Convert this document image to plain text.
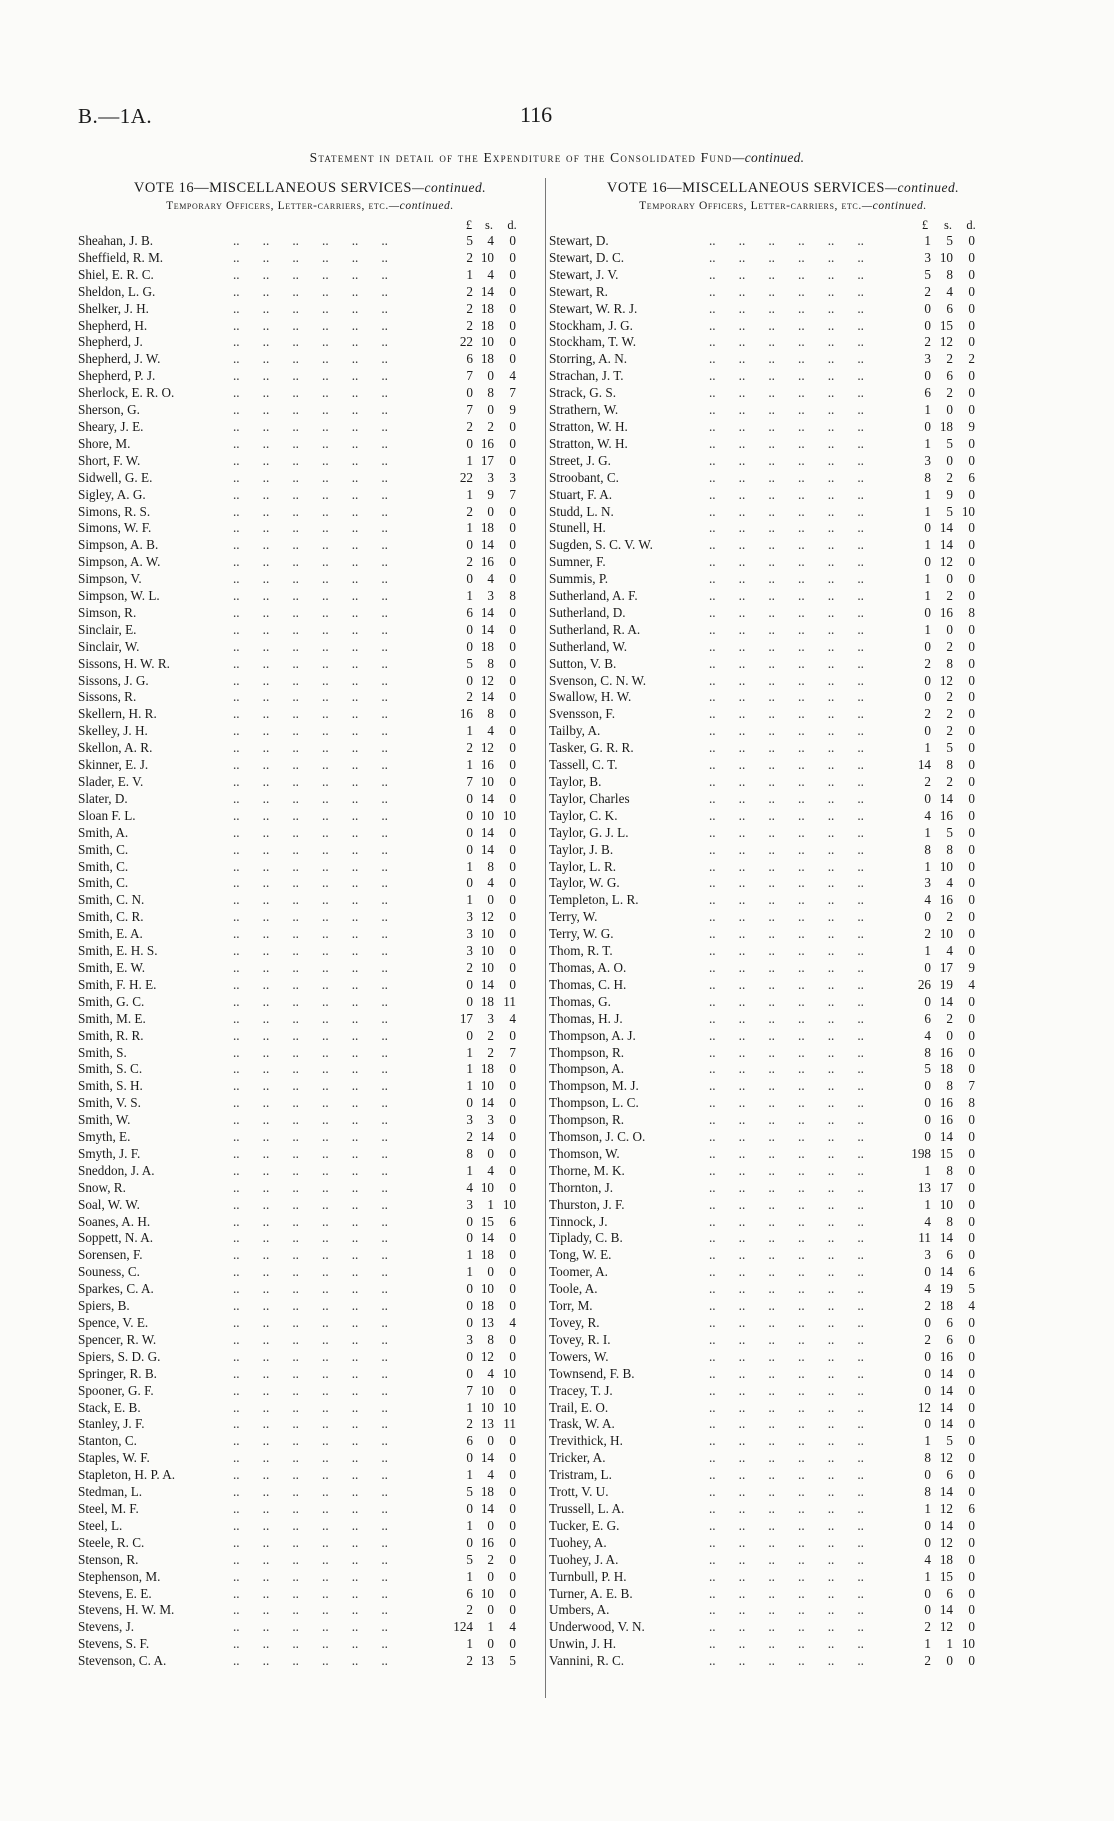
B.—1A.	116
Statement in detail of the Expenditure of the Consolidated Fund—continued.
VOTE 16—MISCELLANEOUS SERVICES—continued.
Temporary Officers, Letter-carriers, etc.—continued.
£	s.	d.
Sheahan, J. B.	..       ..       ..       ..       ..       ..	5	4	0
Sheffield, R. M.	..       ..       ..       ..       ..       ..	2 10	0
Shiel, E. R. C.	..       ..       ..       ..       ..       ..	1	4	0
Sheldon, L. G.	..       ..       ..       ..       ..       ..	2 14	0
Shelker, J. H.	..       ..       ..       ..       ..       ..	2 18	0
Shepherd, H.	..       ..       ..       ..       ..       ..	2 18	0
Shepherd, J.	..       ..       ..       ..       ..       ..	22 10	0
Shepherd, J. W.	..       ..       ..       ..       ..       ..	6 18	0
Shepherd, P. J.	..       ..       ..       ..       ..       ..	7	0	4
Sherlock, E. R. O.	..       ..       ..       ..       ..       ..	0	8	7
Sherson, G.	..       ..       ..       ..       ..       ..	7	0	9
Sheary, J. E.	..       ..       ..       ..       ..       ..	2	2	0
Shore, M.	..       ..       ..       ..       ..       ..	0 16	0
Short, F. W.	..       ..       ..       ..       ..       ..	1 17	0
Sidwell, G. E.	..       ..       ..       ..       ..       ..	22	3	3
Sigley, A. G.	..       ..       ..       ..       ..       ..	1	9	7
Simons, R. S.	..       ..       ..       ..       ..       ..	2	0	0
Simons, W. F.	..       ..       ..       ..       ..       ..	1 18	0
Simpson, A. B.	..       ..       ..       ..       ..       ..	0 14	0
Simpson, A. W.	..       ..       ..       ..       ..       ..	2 16	0
Simpson, V.	..       ..       ..       ..       ..       ..	0	4	0
Simpson, W. L.	..       ..       ..       ..       ..       ..	1	3	8
Simson, R.	..       ..       ..       ..       ..       ..	6 14	0
Sinclair, E.	..       ..       ..       ..       ..       ..	0 14	0
Sinclair, W.	..       ..       ..       ..       ..       ..	0 18	0
Sissons, H. W. R.	..       ..       ..       ..       ..       ..	5	8	0
Sissons, J. G.	..       ..       ..       ..       ..       ..	0 12	0
Sissons, R.	..       ..       ..       ..       ..       ..	2 14	0
Skellern, H. R.	..       ..       ..       ..       ..       ..	16	8	0
Skelley, J. H.	..       ..       ..       ..       ..       ..	1	4	0
Skellon, A. R.	..       ..       ..       ..       ..       ..	2 12	0
Skinner, E. J.	..       ..       ..       ..       ..       ..	1 16	0
Slader, E. V.	..       ..       ..       ..       ..       ..	7 10	0
Slater, D.	..       ..       ..       ..       ..       ..	0 14	0
Sloan F. L.	..       ..       ..       ..       ..       ..	0 10 10
Smith, A.	..       ..       ..       ..       ..       ..	0 14	0
Smith, C.	..       ..       ..       ..       ..       ..	0 14	0
Smith, C.	..       ..       ..       ..       ..       ..	1	8	0
Smith, C.	..       ..       ..       ..       ..       ..	0	4	0
Smith, C. N.	..       ..       ..       ..       ..       ..	1	0	0
Smith, C. R.	..       ..       ..       ..       ..       ..	3 12	0
Smith, E. A.	..       ..       ..       ..       ..       ..	3 10	0
Smith, E. H. S.	..       ..       ..       ..       ..       ..	3 10	0
Smith, E. W.	..       ..       ..       ..       ..       ..	2 10	0
Smith, F. H. E.	..       ..       ..       ..       ..       ..	0 14	0
Smith, G. C.	..       ..       ..       ..       ..       ..	0 18 11
Smith, M. E.	..       ..       ..       ..       ..       ..	17	3	4
Smith, R. R.	..       ..       ..       ..       ..       ..	0	2	0
Smith, S.	..       ..       ..       ..       ..       ..	1	2	7
Smith, S. C.	..       ..       ..       ..       ..       ..	1 18	0
Smith, S. H.	..       ..       ..       ..       ..       ..	1 10	0
Smith, V. S.	..       ..       ..       ..       ..       ..	0 14	0
Smith, W.	..       ..       ..       ..       ..       ..	3	3	0
Smyth, E.	..       ..       ..       ..       ..       ..	2 14	0
Smyth, J. F.	..       ..       ..       ..       ..       ..	8	0	0
Sneddon, J. A.	..       ..       ..       ..       ..       ..	1	4	0
Snow, R.	..       ..       ..       ..       ..       ..	4 10	0
Soal, W. W.	..       ..       ..       ..       ..       ..	3	1 10
Soanes, A. H.	..       ..       ..       ..       ..       ..	0 15	6
Soppett, N. A.	..       ..       ..       ..       ..       ..	0 14	0
Sorensen, F.	..       ..       ..       ..       ..       ..	1 18	0
Souness, C.	..       ..       ..       ..       ..       ..	1	0	0
Sparkes, C. A.	..       ..       ..       ..       ..       ..	0 10	0
Spiers, B.	..       ..       ..       ..       ..       ..	0 18	0
Spence, V. E.	..       ..       ..       ..       ..       ..	0 13	4
Spencer, R. W.	..       ..       ..       ..       ..       ..	3	8	0
Spiers, S. D. G.	..       ..       ..       ..       ..       ..	0 12	0
Springer, R. B.	..       ..       ..       ..       ..       ..	0	4 10
Spooner, G. F.	..       ..       ..       ..       ..       ..	7 10	0
Stack, E. B.	..       ..       ..       ..       ..       ..	1 10 10
Stanley, J. F.	..       ..       ..       ..       ..       ..	2 13 11
Stanton, C.	..       ..       ..       ..       ..       ..	6	0	0
Staples, W. F.	..       ..       ..       ..       ..       ..	0 14	0
Stapleton, H. P. A.	..       ..       ..       ..       ..       ..	1	4	0
Stedman, L.	..       ..       ..       ..       ..       ..	5 18	0
Steel, M. F.	..       ..       ..       ..       ..       ..	0 14	0
Steel, L.	..       ..       ..       ..       ..       ..	1	0	0
Steele, R. C.	..       ..       ..       ..       ..       ..	0 16	0
Stenson, R.	..       ..       ..       ..       ..       ..	5	2	0
Stephenson, M.	..       ..       ..       ..       ..       ..	1	0	0
Stevens, E. E.	..       ..       ..       ..       ..       ..	6 10	0
Stevens, H. W. M.	..       ..       ..       ..       ..       ..	2	0	0
Stevens, J.	..       ..       ..       ..       ..       ..	124	1	4
Stevens, S. F.	..       ..       ..       ..       ..       ..	1	0	0
Stevenson, C. A.	..       ..       ..       ..       ..       ..	2 13	5
VOTE 16—MISCELLANEOUS SERVICES—continued.
Temporary Officers, Letter-carriers, etc.—continued.
£	s.	d.
Stewart, D.	..       ..       ..       ..       ..       ..	1	5	0
Stewart, D. C.	..       ..       ..       ..       ..       ..	3 10	0
Stewart, J. V.	..       ..       ..       ..       ..       ..	5	8	0
Stewart, R.	..       ..       ..       ..       ..       ..	2	4	0
Stewart, W. R. J.	..       ..       ..       ..       ..       ..	0	6	0
Stockham, J. G.	..       ..       ..       ..       ..       ..	0 15	0
Stockham, T. W.	..       ..       ..       ..       ..       ..	2 12	0
Storring, A. N.	..       ..       ..       ..       ..       ..	3	2	2
Strachan, J. T.	..       ..       ..       ..       ..       ..	0	6	0
Strack, G. S.	..       ..       ..       ..       ..       ..	6	2	0
Strathern, W.	..       ..       ..       ..       ..       ..	1	0	0
Stratton, W. H.	..       ..       ..       ..       ..       ..	0 18	9
Stratton, W. H.	..       ..       ..       ..       ..       ..	1	5	0
Street, J. G.	..       ..       ..       ..       ..       ..	3	0	0
Stroobant, C.	..       ..       ..       ..       ..       ..	8	2	6
Stuart, F. A.	..       ..       ..       ..       ..       ..	1	9	0
Studd, L. N.	..       ..       ..       ..       ..       ..	1	5 10
Stunell, H.	..       ..       ..       ..       ..       ..	0 14	0
Sugden, S. C. V. W.	..       ..       ..       ..       ..       ..	1 14	0
Sumner, F.	..       ..       ..       ..       ..       ..	0 12	0
Summis, P.	..       ..       ..       ..       ..       ..	1	0	0
Sutherland, A. F.	..       ..       ..       ..       ..       ..	1	2	0
Sutherland, D.	..       ..       ..       ..       ..       ..	0 16	8
Sutherland, R. A.	..       ..       ..       ..       ..       ..	1	0	0
Sutherland, W.	..       ..       ..       ..       ..       ..	0	2	0
Sutton, V. B.	..       ..       ..       ..       ..       ..	2	8	0
Svenson, C. N. W.	..       ..       ..       ..       ..       ..	0 12	0
Swallow, H. W.	..       ..       ..       ..       ..       ..	0	2	0
Svensson, F.	..       ..       ..       ..       ..       ..	2	2	0
Tailby, A.	..       ..       ..       ..       ..       ..	0	2	0
Tasker, G. R. R.	..       ..       ..       ..       ..       ..	1	5	0
Tassell, C. T.	..       ..       ..       ..       ..       ..	14	8	0
Taylor, B.	..       ..       ..       ..       ..       ..	2	2	0
Taylor, Charles	..       ..       ..       ..       ..       ..	0 14	0
Taylor, C. K.	..       ..       ..       ..       ..       ..	4 16	0
Taylor, G. J. L.	..       ..       ..       ..       ..       ..	1	5	0
Taylor, J. B.	..       ..       ..       ..       ..       ..	8	8	0
Taylor, L. R.	..       ..       ..       ..       ..       ..	1 10	0
Taylor, W. G.	..       ..       ..       ..       ..       ..	3	4	0
Templeton, L. R.	..       ..       ..       ..       ..       ..	4 16	0
Terry, W.	..       ..       ..       ..       ..       ..	0	2	0
Terry, W. G.	..       ..       ..       ..       ..       ..	2 10	0
Thom, R. T.	..       ..       ..       ..       ..       ..	1	4	0
Thomas, A. O.	..       ..       ..       ..       ..       ..	0 17	9
Thomas, C. H.	..       ..       ..       ..       ..       ..	26 19	4
Thomas, G.	..       ..       ..       ..       ..       ..	0 14	0
Thomas, H. J.	..       ..       ..       ..       ..       ..	6	2	0
Thompson, A. J.	..       ..       ..       ..       ..       ..	4	0	0
Thompson, R.	..       ..       ..       ..       ..       ..	8 16	0
Thompson, A.	..       ..       ..       ..       ..       ..	5 18	0
Thompson, M. J.	..       ..       ..       ..       ..       ..	0	8	7
Thompson, L. C.	..       ..       ..       ..       ..       ..	0 16	8
Thompson, R.	..       ..       ..       ..       ..       ..	0 16	0
Thomson, J. C. O.	..       ..       ..       ..       ..       ..	0 14	0
Thomson, W.	..       ..       ..       ..       ..       ..	198 15	0
Thorne, M. K.	..       ..       ..       ..       ..       ..	1	8	0
Thornton, J.	..       ..       ..       ..       ..       ..	13 17	0
Thurston, J. F.	..       ..       ..       ..       ..       ..	1 10	0
Tinnock, J.	..       ..       ..       ..       ..       ..	4	8	0
Tiplady, C. B.	..       ..       ..       ..       ..       ..	11 14	0
Tong, W. E.	..       ..       ..       ..       ..       ..	3	6	0
Toomer, A.	..       ..       ..       ..       ..       ..	0 14	6
Toole, A.	..       ..       ..       ..       ..       ..	4 19	5
Torr, M.	..       ..       ..       ..       ..       ..	2 18	4
Tovey, R.	..       ..       ..       ..       ..       ..	0	6	0
Tovey, R. I.	..       ..       ..       ..       ..       ..	2	6	0
Towers, W.	..       ..       ..       ..       ..       ..	0 16	0
Townsend, F. B.	..       ..       ..       ..       ..       ..	0 14	0
Tracey, T. J.	..       ..       ..       ..       ..       ..	0 14	0
Trail, E. O.	..       ..       ..       ..       ..       ..	12 14	0
Trask, W. A.	..       ..       ..       ..       ..       ..	0 14	0
Trevithick, H.	..       ..       ..       ..       ..       ..	1	5	0
Tricker, A.	..       ..       ..       ..       ..       ..	8 12	0
Tristram, L.	..       ..       ..       ..       ..       ..	0	6	0
Trott, V. U.	..       ..       ..       ..       ..       ..	8 14	0
Trussell, L. A.	..       ..       ..       ..       ..       ..	1 12	6
Tucker, E. G.	..       ..       ..       ..       ..       ..	0 14	0
Tuohey, A.	..       ..       ..       ..       ..       ..	0 12	0
Tuohey, J. A.	..       ..       ..       ..       ..       ..	4 18	0
Turnbull, P. H.	..       ..       ..       ..       ..       ..	1 15	0
Turner, A. E. B.	..       ..       ..       ..       ..       ..	0	6	0
Umbers, A.	..       ..       ..       ..       ..       ..	0 14	0
Underwood, V. N.	..       ..       ..       ..       ..       ..	2 12	0
Unwin, J. H.	..       ..       ..       ..       ..       ..	1	1 10
Vannini, R. C.	..       ..       ..       ..       ..       ..	2	0	0
